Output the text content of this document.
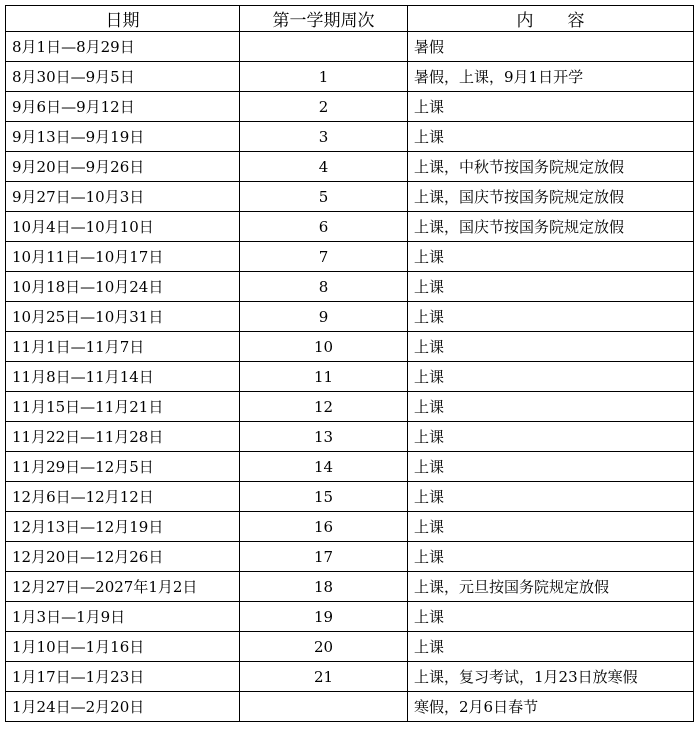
日期	第一学期周次	内　　容
8月1日—8月29日		暑假
8月30日—9月5日	1	暑假，上课，9月1日开学
9月6日—9月12日	2	上课
9月13日—9月19日	3	上课
9月20日—9月26日	4	上课，中秋节按国务院规定放假
9月27日—10月3日	5	上课，国庆节按国务院规定放假
10月4日—10月10日	6	上课，国庆节按国务院规定放假
10月11日—10月17日	7	上课
10月18日—10月24日	8	上课
10月25日—10月31日	9	上课
11月1日—11月7日	10	上课
11月8日—11月14日	11	上课
11月15日—11月21日	12	上课
11月22日—11月28日	13	上课
11月29日—12月5日	14	上课
12月6日—12月12日	15	上课
12月13日—12月19日	16	上课
12月20日—12月26日	17	上课
12月27日—2027年1月2日	18	上课，元旦按国务院规定放假
1月3日—1月9日	19	上课
1月10日—1月16日	20	上课
1月17日—1月23日	21	上课，复习考试，1月23日放寒假
1月24日—2月20日		寒假，2月6日春节
